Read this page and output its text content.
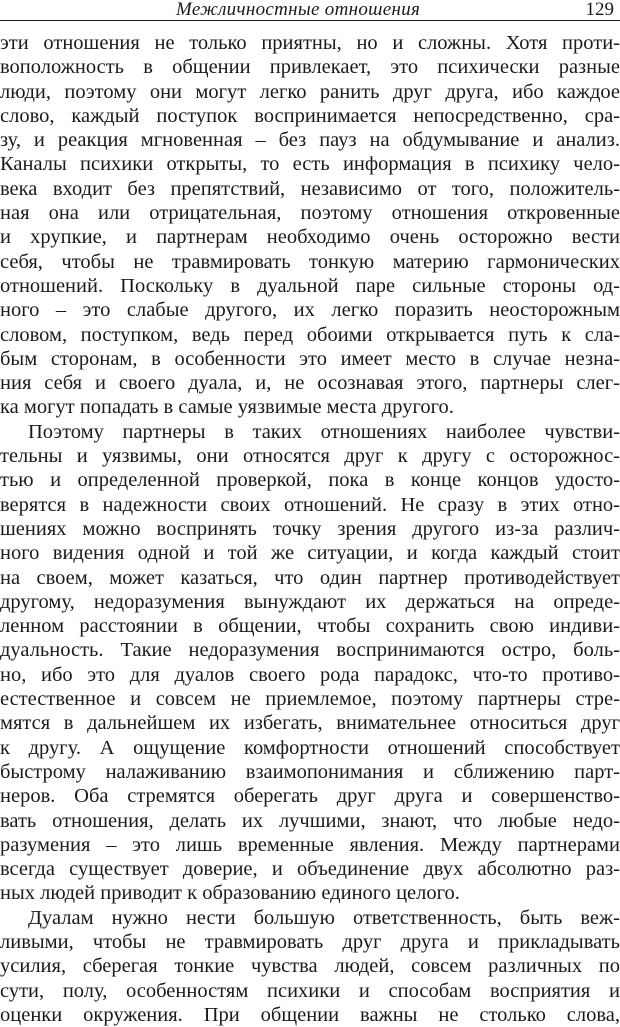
Межличностные отношения	129
эти отношения не только приятны, но и сложны. Хотя проти-
воположность в общении привлекает, это психически разные
люди, поэтому они могут легко ранить друг друга, ибо каждое
слово, каждый поступок воспринимается непосредственно, сра-
зу, и реакция мгновенная – без пауз на обдумывание и анализ.
Каналы психики открыты, то есть информация в психику чело-
века входит без препятствий, независимо от того, положитель-
ная она или отрицательная, поэтому отношения откровенные
и хрупкие, и партнерам необходимо очень осторожно вести
себя, чтобы не травмировать тонкую материю гармонических
отношений. Поскольку в дуальной паре сильные стороны од-
ного – это слабые другого, их легко поразить неосторожным
словом, поступком, ведь перед обоими открывается путь к сла-
бым сторонам, в особенности это имеет место в случае незна-
ния себя и своего дуала, и, не осознавая этого, партнеры слег-
ка могут попадать в самые уязвимые места другого.
Поэтому партнеры в таких отношениях наиболее чувстви-
тельны и уязвимы, они относятся друг к другу с осторожнос-
тью и определенной проверкой, пока в конце концов удосто-
верятся в надежности своих отношений. Не сразу в этих отно-
шениях можно воспринять точку зрения другого из-за различ-
ного видения одной и той же ситуации, и когда каждый стоит
на своем, может казаться, что один партнер противодействует
другому, недоразумения вынуждают их держаться на опреде-
ленном расстоянии в общении, чтобы сохранить свою индиви-
дуальность. Такие недоразумения воспринимаются остро, боль-
но, ибо это для дуалов своего рода парадокс, что-то противо-
естественное и совсем не приемлемое, поэтому партнеры стре-
мятся в дальнейшем их избегать, внимательнее относиться друг
к другу. А ощущение комфортности отношений способствует
быстрому налаживанию взаимопонимания и сближению парт-
неров. Оба стремятся оберегать друг друга и совершенство-
вать отношения, делать их лучшими, знают, что любые недо-
разумения – это лишь временные явления. Между партнерами
всегда существует доверие, и объединение двух абсолютно раз-
ных людей приводит к образованию единого целого.
Дуалам нужно нести большую ответственность, быть веж-
ливыми, чтобы не травмировать друг друга и прикладывать
усилия, сберегая тонкие чувства людей, совсем различных по
сути, полу, особенностям психики и способам восприятия и
оценки окружения. При общении важны не столько слова,
